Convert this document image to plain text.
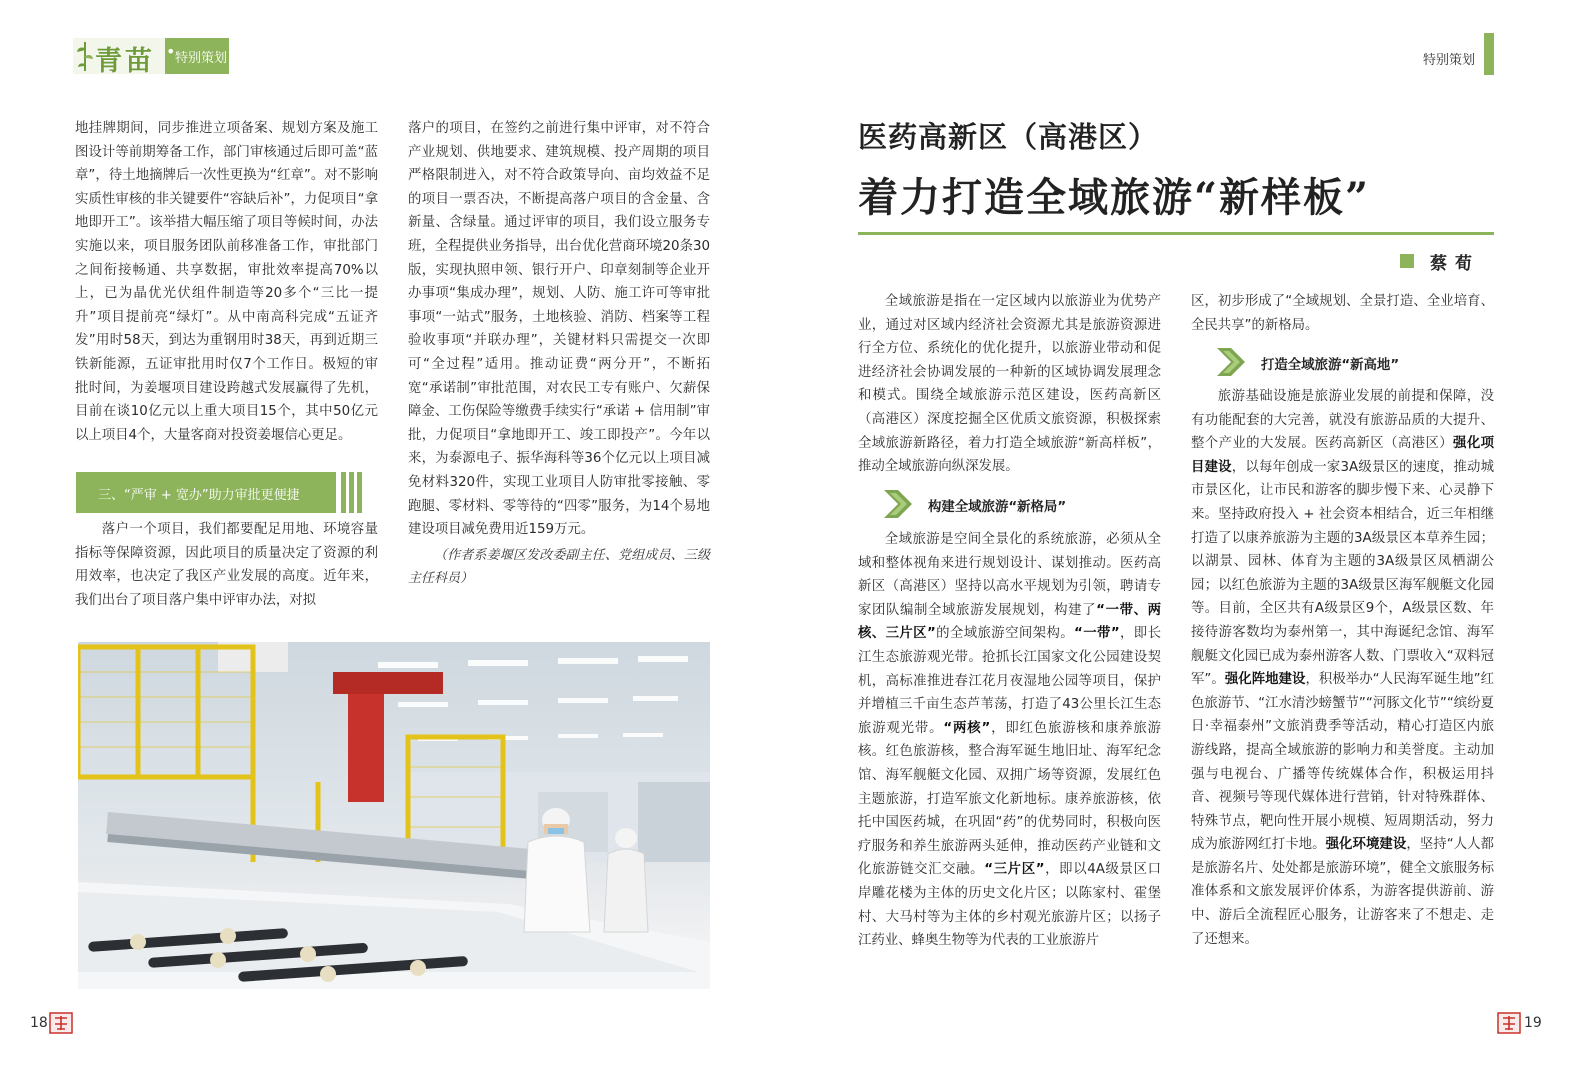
青苗 • 特别策划	特别策划

地挂牌期间，同步推进立项备案、规划方案及施工图设计等前期筹备工作，部门审核通过后即可盖“蓝章”，待土地摘牌后一次性更换为“红章”。对不影响实质性审核的非关键要件“容缺后补”，力促项目“拿地即开工”。该举措大幅压缩了项目等候时间，办法实施以来，项目服务团队前移准备工作，审批部门之间衔接畅通、共享数据，审批效率提高70%以上，已为晶优光伏组件制造等20多个“三比一提升”项目提前亮“绿灯”。从中南高科完成“五证齐发”用时58天，到达为重钢用时38天，再到近期三铁新能源，五证审批用时仅7个工作日。极短的审批时间，为姜堰项目建设跨越式发展赢得了先机，目前在谈10亿元以上重大项目15个，其中50亿元以上项目4个，大量客商对投资姜堰信心更足。

三、“严审 + 宽办”助力审批更便捷

落户一个项目，我们都要配足用地、环境容量指标等保障资源，因此项目的质量决定了资源的利用效率，也决定了我区产业发展的高度。近年来，我们出台了项目落户集中评审办法，对拟

落户的项目，在签约之前进行集中评审，对不符合产业规划、供地要求、建筑规模、投产周期的项目严格限制进入，对不符合政策导向、亩均效益不足的项目一票否决，不断提高落户项目的含金量、含新量、含绿量。通过评审的项目，我们设立服务专班，全程提供业务指导，出台优化营商环境20条30版，实现执照申领、银行开户、印章刻制等企业开办事项“集成办理”，规划、人防、施工许可等审批事项“一站式”服务，土地核验、消防、档案等工程验收事项“并联办理”，关键材料只需提交一次即可“全过程”适用。推动证费“两分开”，不断拓宽“承诺制”审批范围，对农民工专有账户、欠薪保障金、工伤保险等缴费手续实行“承诺 + 信用制”审批，力促项目“拿地即开工、竣工即投产”。今年以来，为泰源电子、振华海科等36个亿元以上项目减免材料320件，实现工业项目人防审批零接触、零跑腿、零材料、零等待的“四零”服务，为14个易地建设项目减免费用近159万元。

（作者系姜堰区发改委副主任、党组成员、三级主任科员）

18
医药高新区（高港区）
着力打造全域旅游“新样板”
蔡荀

全域旅游是指在一定区域内以旅游业为优势产业，通过对区域内经济社会资源尤其是旅游资源进行全方位、系统化的优化提升，以旅游业带动和促进经济社会协调发展的一种新的区域协调发展理念和模式。围绕全域旅游示范区建设，医药高新区（高港区）深度挖掘全区优质文旅资源，积极探索全域旅游新路径，着力打造全域旅游“新高样板”，推动全域旅游向纵深发展。

构建全域旅游“新格局”

全域旅游是空间全景化的系统旅游，必须从全域和整体视角来进行规划设计、谋划推动。医药高新区（高港区）坚持以高水平规划为引领，聘请专家团队编制全域旅游发展规划，构建了“一带、两核、三片区”的全域旅游空间架构。“一带”，即长江生态旅游观光带。抢抓长江国家文化公园建设契机，高标准推进春江花月夜湿地公园等项目，保护并增植三千亩生态芦苇荡，打造了43公里长江生态旅游观光带。“两核”，即红色旅游核和康养旅游核。红色旅游核，整合海军诞生地旧址、海军纪念馆、海军舰艇文化园、双拥广场等资源，发展红色主题旅游，打造军旅文化新地标。康养旅游核，依托中国医药城，在巩固“药”的优势同时，积极向医疗服务和养生旅游两头延伸，推动医药产业链和文化旅游链交汇交融。“三片区”，即以4A级景区口岸雕花楼为主体的历史文化片区；以陈家村、霍堡村、大马村等为主体的乡村观光旅游片区；以扬子江药业、蜂奥生物等为代表的工业旅游片

区，初步形成了“全域规划、全景打造、全业培育、全民共享”的新格局。

打造全域旅游“新高地”

旅游基础设施是旅游业发展的前提和保障，没有功能配套的大完善，就没有旅游品质的大提升、整个产业的大发展。医药高新区（高港区）强化项目建设，以每年创成一家3A级景区的速度，推动城市景区化，让市民和游客的脚步慢下来、心灵静下来。坚持政府投入 + 社会资本相结合，近三年相继打造了以康养旅游为主题的3A级景区本草养生园；以湖景、园林、体育为主题的3A级景区凤栖湖公园；以红色旅游为主题的3A级景区海军舰艇文化园等。目前，全区共有A级景区9个，A级景区数、年接待游客数均为泰州第一，其中海诞纪念馆、海军舰艇文化园已成为泰州游客人数、门票收入“双料冠军”。强化阵地建设，积极举办“人民海军诞生地”红色旅游节、“江水清沙螃蟹节”“河豚文化节”“缤纷夏日·幸福泰州”文旅消费季等活动，精心打造区内旅游线路，提高全域旅游的影响力和美誉度。主动加强与电视台、广播等传统媒体合作，积极运用抖音、视频号等现代媒体进行营销，针对特殊群体、特殊节点，靶向性开展小规模、短周期活动，努力成为旅游网红打卡地。强化环境建设，坚持“人人都是旅游名片、处处都是旅游环境”，健全文旅服务标准体系和文旅发展评价体系，为游客提供游前、游中、游后全流程匠心服务，让游客来了不想走、走了还想来。

19
